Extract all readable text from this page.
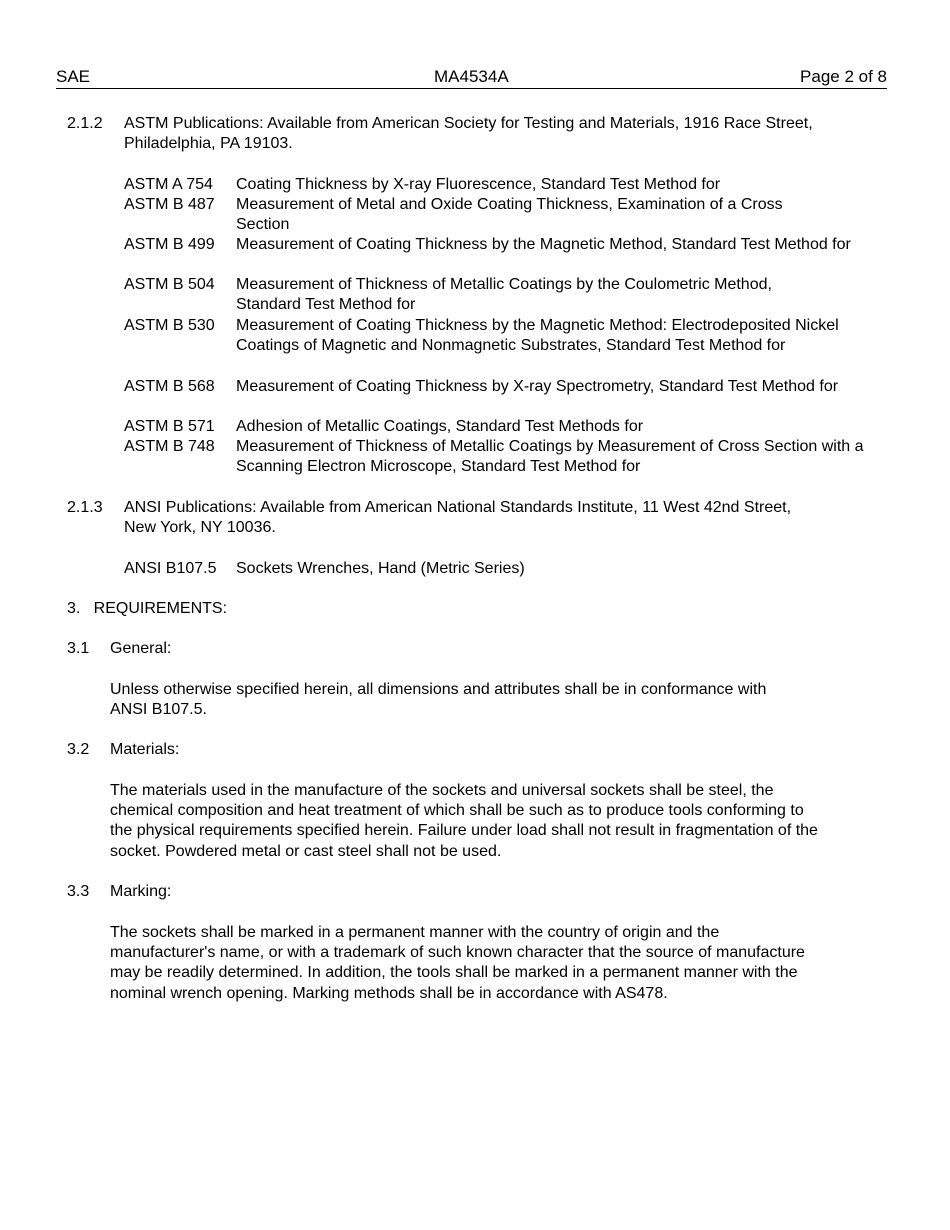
SAE	MA4534A	Page 2 of 8
2.1.2 ASTM Publications: Available from American Society for Testing and Materials, 1916 Race Street,
Philadelphia, PA 19103.
ASTM A 754 Coating Thickness by X-ray Fluorescence, Standard Test Method for
ASTM B 487 Measurement of Metal and Oxide Coating Thickness, Examination of a Cross Section
ASTM B 499 Measurement of Coating Thickness by the Magnetic Method, Standard Test Method for
ASTM B 504 Measurement of Thickness of Metallic Coatings by the Coulometric Method, Standard Test Method for
ASTM B 530 Measurement of Coating Thickness by the Magnetic Method: Electrodeposited Nickel Coatings of Magnetic and Nonmagnetic Substrates, Standard Test Method for
ASTM B 568 Measurement of Coating Thickness by X-ray Spectrometry, Standard Test Method for
ASTM B 571 Adhesion of Metallic Coatings, Standard Test Methods for
ASTM B 748 Measurement of Thickness of Metallic Coatings by Measurement of Cross Section with a Scanning Electron Microscope, Standard Test Method for
2.1.3 ANSI Publications: Available from American National Standards Institute, 11 West 42nd Street,
New York, NY 10036.
ANSI B107.5 Sockets Wrenches, Hand (Metric Series)
3.   REQUIREMENTS:
3.1 General:
Unless otherwise specified herein, all dimensions and attributes shall be in conformance with
ANSI B107.5.
3.2 Materials:
The materials used in the manufacture of the sockets and universal sockets shall be steel, the
chemical composition and heat treatment of which shall be such as to produce tools conforming to
the physical requirements specified herein. Failure under load shall not result in fragmentation of the
socket. Powdered metal or cast steel shall not be used.
3.3 Marking:
The sockets shall be marked in a permanent manner with the country of origin and the
manufacturer's name, or with a trademark of such known character that the source of manufacture
may be readily determined. In addition, the tools shall be marked in a permanent manner with the
nominal wrench opening. Marking methods shall be in accordance with AS478.
